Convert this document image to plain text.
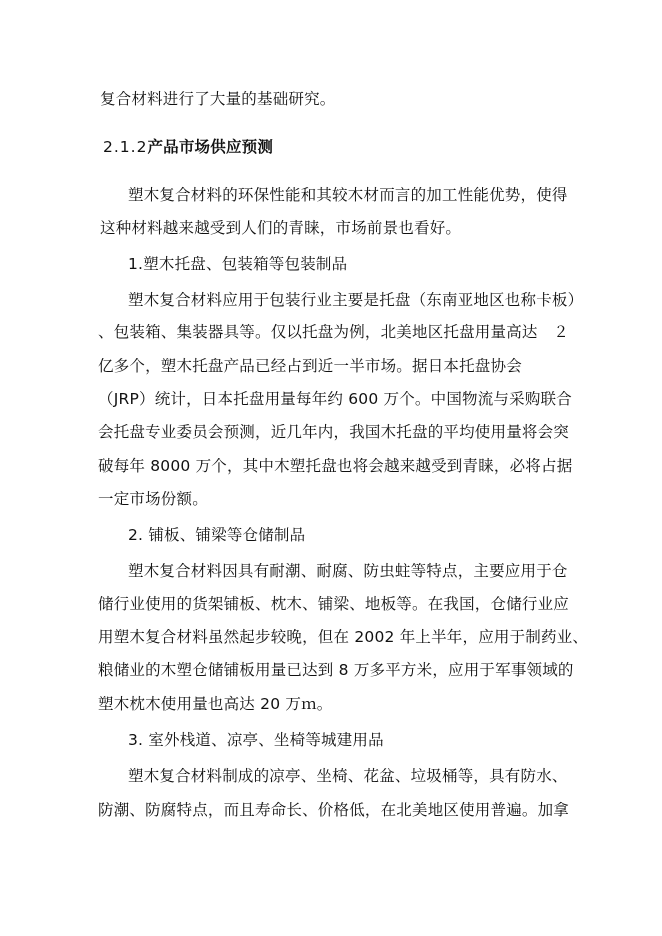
复合材料进行了大量的基础研究。
2.1.2产品市场供应预测
塑木复合材料的环保性能和其较木材而言的加工性能优势，使得
这种材料越来越受到人们的青睐，市场前景也看好。
1.塑木托盘、包装箱等包装制品
塑木复合材料应用于包装行业主要是托盘（东南亚地区也称卡板）
、包装箱、集装器具等。仅以托盘为例，北美地区托盘用量高达　２
亿多个，塑木托盘产品已经占到近一半市场。据日本托盘协会
（JRP）统计，日本托盘用量每年约 600 万个。中国物流与采购联合
会托盘专业委员会预测，近几年内，我国木托盘的平均使用量将会突
破每年 8000 万个，其中木塑托盘也将会越来越受到青睐，必将占据
一定市场份额。
2. 铺板、铺梁等仓储制品
塑木复合材料因具有耐潮、耐腐、防虫蛀等特点，主要应用于仓
储行业使用的货架铺板、枕木、铺梁、地板等。在我国，仓储行业应
用塑木复合材料虽然起步较晚，但在 2002 年上半年，应用于制药业、
粮储业的木塑仓储铺板用量已达到 8 万多平方米，应用于军事领域的
塑木枕木使用量也高达 20 万ｍ。
3. 室外栈道、凉亭、坐椅等城建用品
塑木复合材料制成的凉亭、坐椅、花盆、垃圾桶等，具有防水、
防潮、防腐特点，而且寿命长、价格低，在北美地区使用普遍。加拿
